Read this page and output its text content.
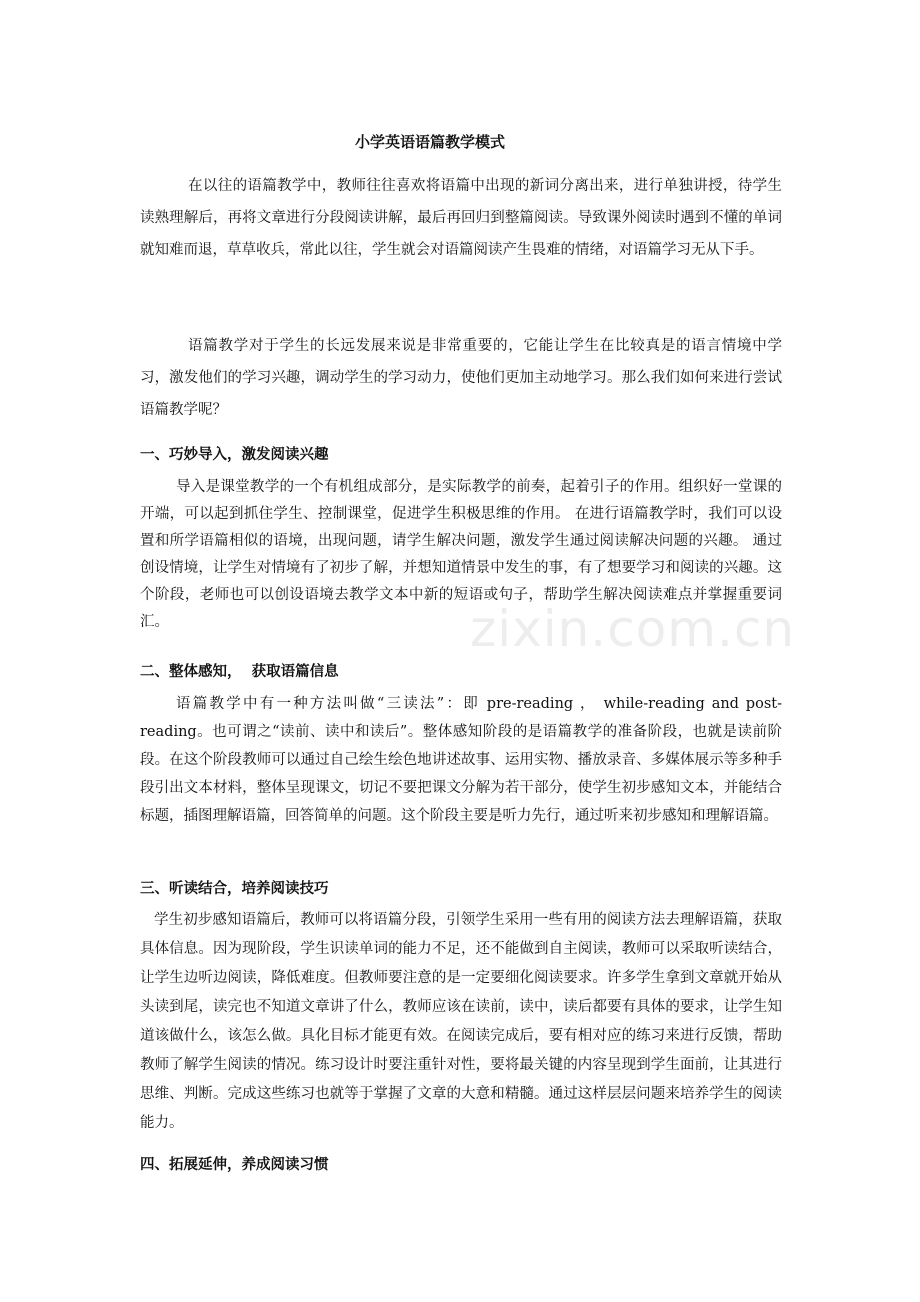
zixin.com.cn
小学英语语篇教学模式

在以往的语篇教学中，教师往往喜欢将语篇中出现的新词分离出来，进行单独讲授，待学生读熟理解后，再将文章进行分段阅读讲解，最后再回归到整篇阅读。导致课外阅读时遇到不懂的单词就知难而退，草草收兵，常此以往，学生就会对语篇阅读产生畏难的情绪，对语篇学习无从下手。

语篇教学对于学生的长远发展来说是非常重要的，它能让学生在比较真是的语言情境中学习，激发他们的学习兴趣，调动学生的学习动力，使他们更加主动地学习。那么我们如何来进行尝试语篇教学呢？

一、巧妙导入，激发阅读兴趣

导入是课堂教学的一个有机组成部分，是实际教学的前奏，起着引子的作用。组织好一堂课的开端，可以起到抓住学生、控制课堂，促进学生积极思维的作用。 在进行语篇教学时，我们可以设置和所学语篇相似的语境，出现问题，请学生解决问题，激发学生通过阅读解决问题的兴趣。 通过创设情境，让学生对情境有了初步了解，并想知道情景中发生的事，有了想要学习和阅读的兴趣。这个阶段，老师也可以创设语境去教学文本中新的短语或句子，帮助学生解决阅读难点并掌握重要词汇。

二、整体感知，  获取语篇信息

语篇教学中有一种方法叫做“三读法”：即 pre-reading ， while-reading and post-reading。也可谓之“读前、读中和读后”。整体感知阶段的是语篇教学的准备阶段，也就是读前阶段。在这个阶段教师可以通过自己绘生绘色地讲述故事、运用实物、播放录音、多媒体展示等多种手段引出文本材料，整体呈现课文，切记不要把课文分解为若干部分，使学生初步感知文本，并能结合标题，插图理解语篇，回答简单的问题。这个阶段主要是听力先行，通过听来初步感知和理解语篇。

三、听读结合，培养阅读技巧

学生初步感知语篇后，教师可以将语篇分段，引领学生采用一些有用的阅读方法去理解语篇，获取具体信息。因为现阶段，学生识读单词的能力不足，还不能做到自主阅读，教师可以采取听读结合，让学生边听边阅读，降低难度。但教师要注意的是一定要细化阅读要求。许多学生拿到文章就开始从头读到尾，读完也不知道文章讲了什么，教师应该在读前，读中，读后都要有具体的要求，让学生知道该做什么，该怎么做。具化目标才能更有效。在阅读完成后，要有相对应的练习来进行反馈，帮助教师了解学生阅读的情况。练习设计时要注重针对性，要将最关键的内容呈现到学生面前，让其进行思维、判断。完成这些练习也就等于掌握了文章的大意和精髓。通过这样层层问题来培养学生的阅读能力。

四、拓展延伸，养成阅读习惯
